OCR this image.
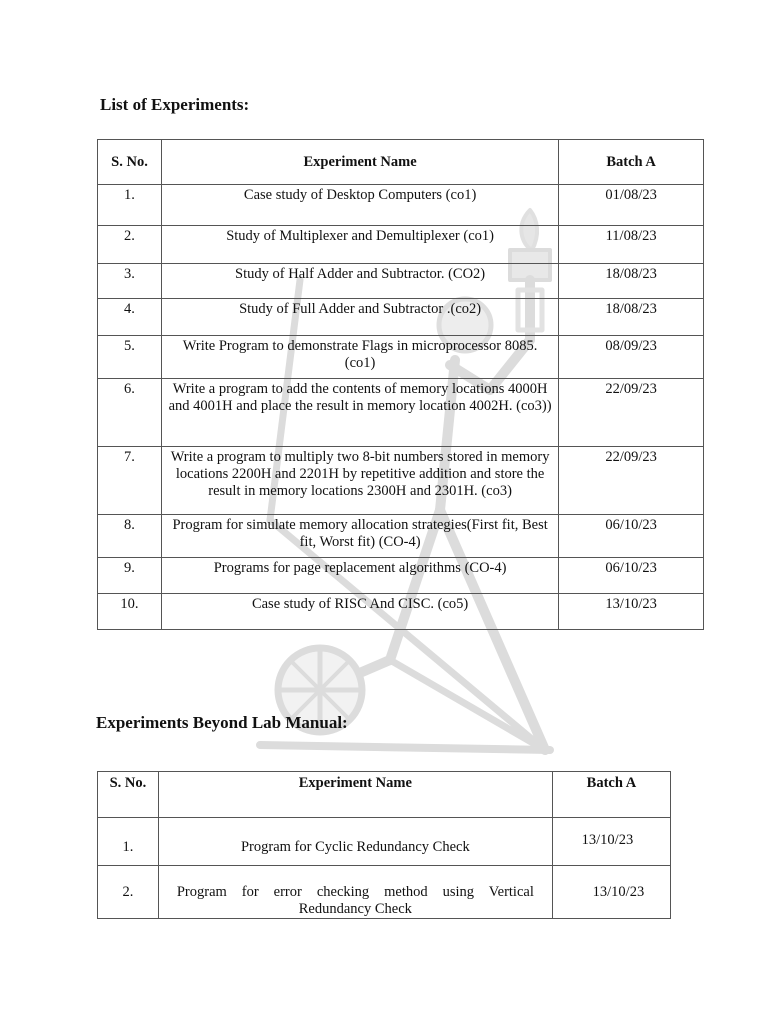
List of Experiments:
S. No.	Experiment Name	Batch A
1.	Case study of Desktop Computers (co1)	01/08/23
2.	Study of Multiplexer and Demultiplexer (co1)	11/08/23
3.	Study of Half Adder and Subtractor. (CO2)	18/08/23
4.	Study of Full Adder and Subtractor .(co2)	18/08/23
5.	Write Program to demonstrate Flags in microprocessor 8085. (co1)	08/09/23
6.	Write a program to add the contents of memory locations 4000H and 4001H and place the result in memory location 4002H. (co3))	22/09/23
7.	Write a program to multiply two 8-bit numbers stored in memory locations 2200H and 2201H by repetitive addition and store the result in memory locations 2300H and 2301H. (co3)	22/09/23
8.	Program for simulate memory allocation strategies(First fit, Best fit, Worst fit) (CO-4)	06/10/23
9.	Programs for page replacement algorithms (CO-4)	06/10/23
10.	Case study of RISC And CISC. (co5)	13/10/23
Experiments Beyond Lab Manual:
S. No.	Experiment Name	Batch A
1.	Program for Cyclic Redundancy Check	13/10/23
2.	Program for error checking method using Vertical Redundancy Check	13/10/23
